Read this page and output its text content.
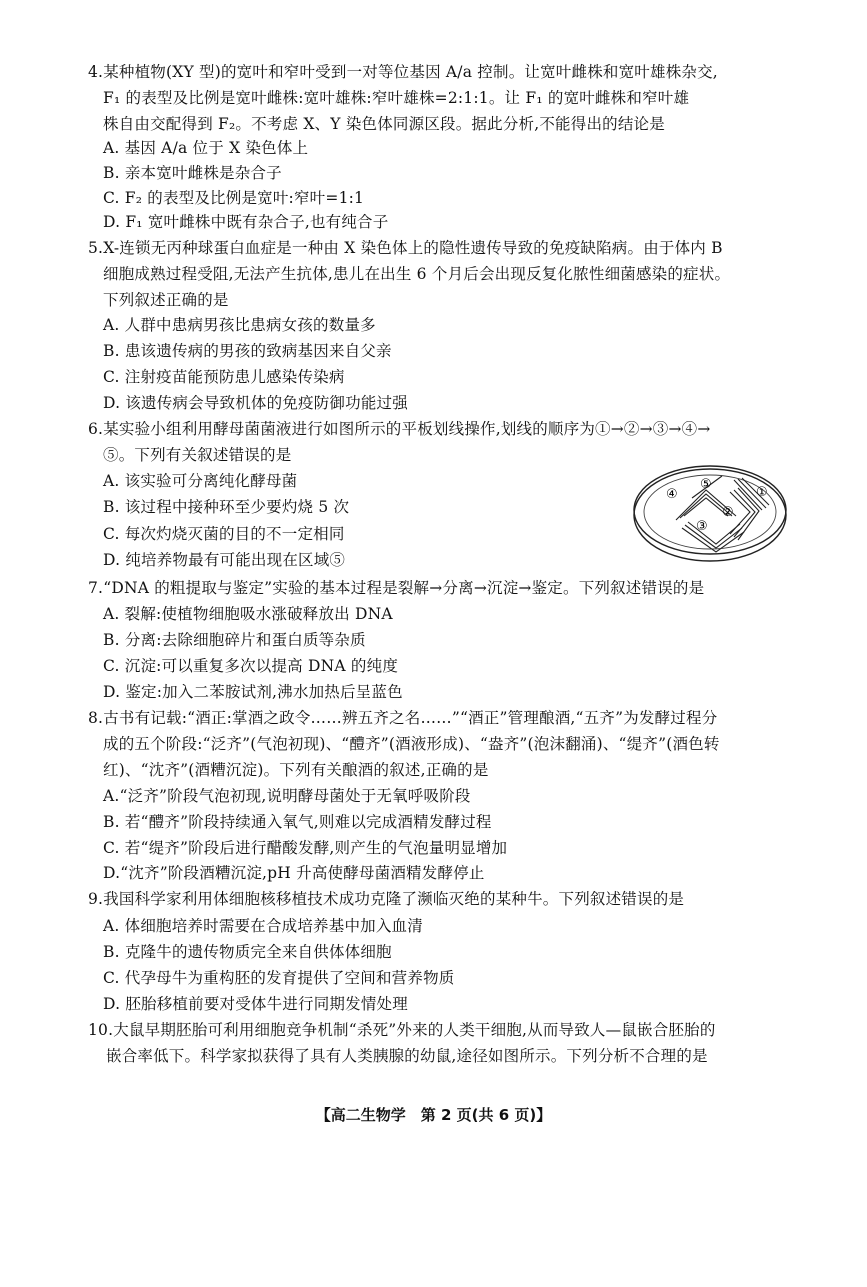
4.某种植物(XY 型)的宽叶和窄叶受到一对等位基因 A/a 控制。让宽叶雌株和宽叶雄株杂交,
F₁ 的表型及比例是宽叶雌株:宽叶雄株:窄叶雄株=2:1:1。让 F₁ 的宽叶雌株和窄叶雄
株自由交配得到 F₂。不考虑 X、Y 染色体同源区段。据此分析,不能得出的结论是
A. 基因 A/a 位于 X 染色体上
B. 亲本宽叶雌株是杂合子
C. F₂ 的表型及比例是宽叶:窄叶=1:1
D. F₁ 宽叶雌株中既有杂合子,也有纯合子
5.X-连锁无丙种球蛋白血症是一种由 X 染色体上的隐性遗传导致的免疫缺陷病。由于体内 B
细胞成熟过程受阻,无法产生抗体,患儿在出生 6 个月后会出现反复化脓性细菌感染的症状。
下列叙述正确的是
A. 人群中患病男孩比患病女孩的数量多
B. 患该遗传病的男孩的致病基因来自父亲
C. 注射疫苗能预防患儿感染传染病
D. 该遗传病会导致机体的免疫防御功能过强
6.某实验小组利用酵母菌菌液进行如图所示的平板划线操作,划线的顺序为①→②→③→④→
⑤。下列有关叙述错误的是
A. 该实验可分离纯化酵母菌
B. 该过程中接种环至少要灼烧 5 次
C. 每次灼烧灭菌的目的不一定相同
D. 纯培养物最有可能出现在区域⑤
①
②
③
④
⑤
7.“DNA 的粗提取与鉴定”实验的基本过程是裂解→分离→沉淀→鉴定。下列叙述错误的是
A. 裂解:使植物细胞吸水涨破释放出 DNA
B. 分离:去除细胞碎片和蛋白质等杂质
C. 沉淀:可以重复多次以提高 DNA 的纯度
D. 鉴定:加入二苯胺试剂,沸水加热后呈蓝色
8.古书有记载:“酒正:掌酒之政令……辨五齐之名……”“酒正”管理酿酒,“五齐”为发酵过程分
成的五个阶段:“泛齐”(气泡初现)、“醴齐”(酒液形成)、“盎齐”(泡沫翻涌)、“缇齐”(酒色转
红)、“沈齐”(酒糟沉淀)。下列有关酿酒的叙述,正确的是
A.“泛齐”阶段气泡初现,说明酵母菌处于无氧呼吸阶段
B. 若“醴齐”阶段持续通入氧气,则难以完成酒精发酵过程
C. 若“缇齐”阶段后进行醋酸发酵,则产生的气泡量明显增加
D.“沈齐”阶段酒糟沉淀,pH 升高使酵母菌酒精发酵停止
9.我国科学家利用体细胞核移植技术成功克隆了濒临灭绝的某种牛。下列叙述错误的是
A. 体细胞培养时需要在合成培养基中加入血清
B. 克隆牛的遗传物质完全来自供体体细胞
C. 代孕母牛为重构胚的发育提供了空间和营养物质
D. 胚胎移植前要对受体牛进行同期发情处理
10.大鼠早期胚胎可利用细胞竞争机制“杀死”外来的人类干细胞,从而导致人—鼠嵌合胚胎的
嵌合率低下。科学家拟获得了具有人类胰腺的幼鼠,途径如图所示。下列分析不合理的是
【高二生物学　第 2 页(共 6 页)】
